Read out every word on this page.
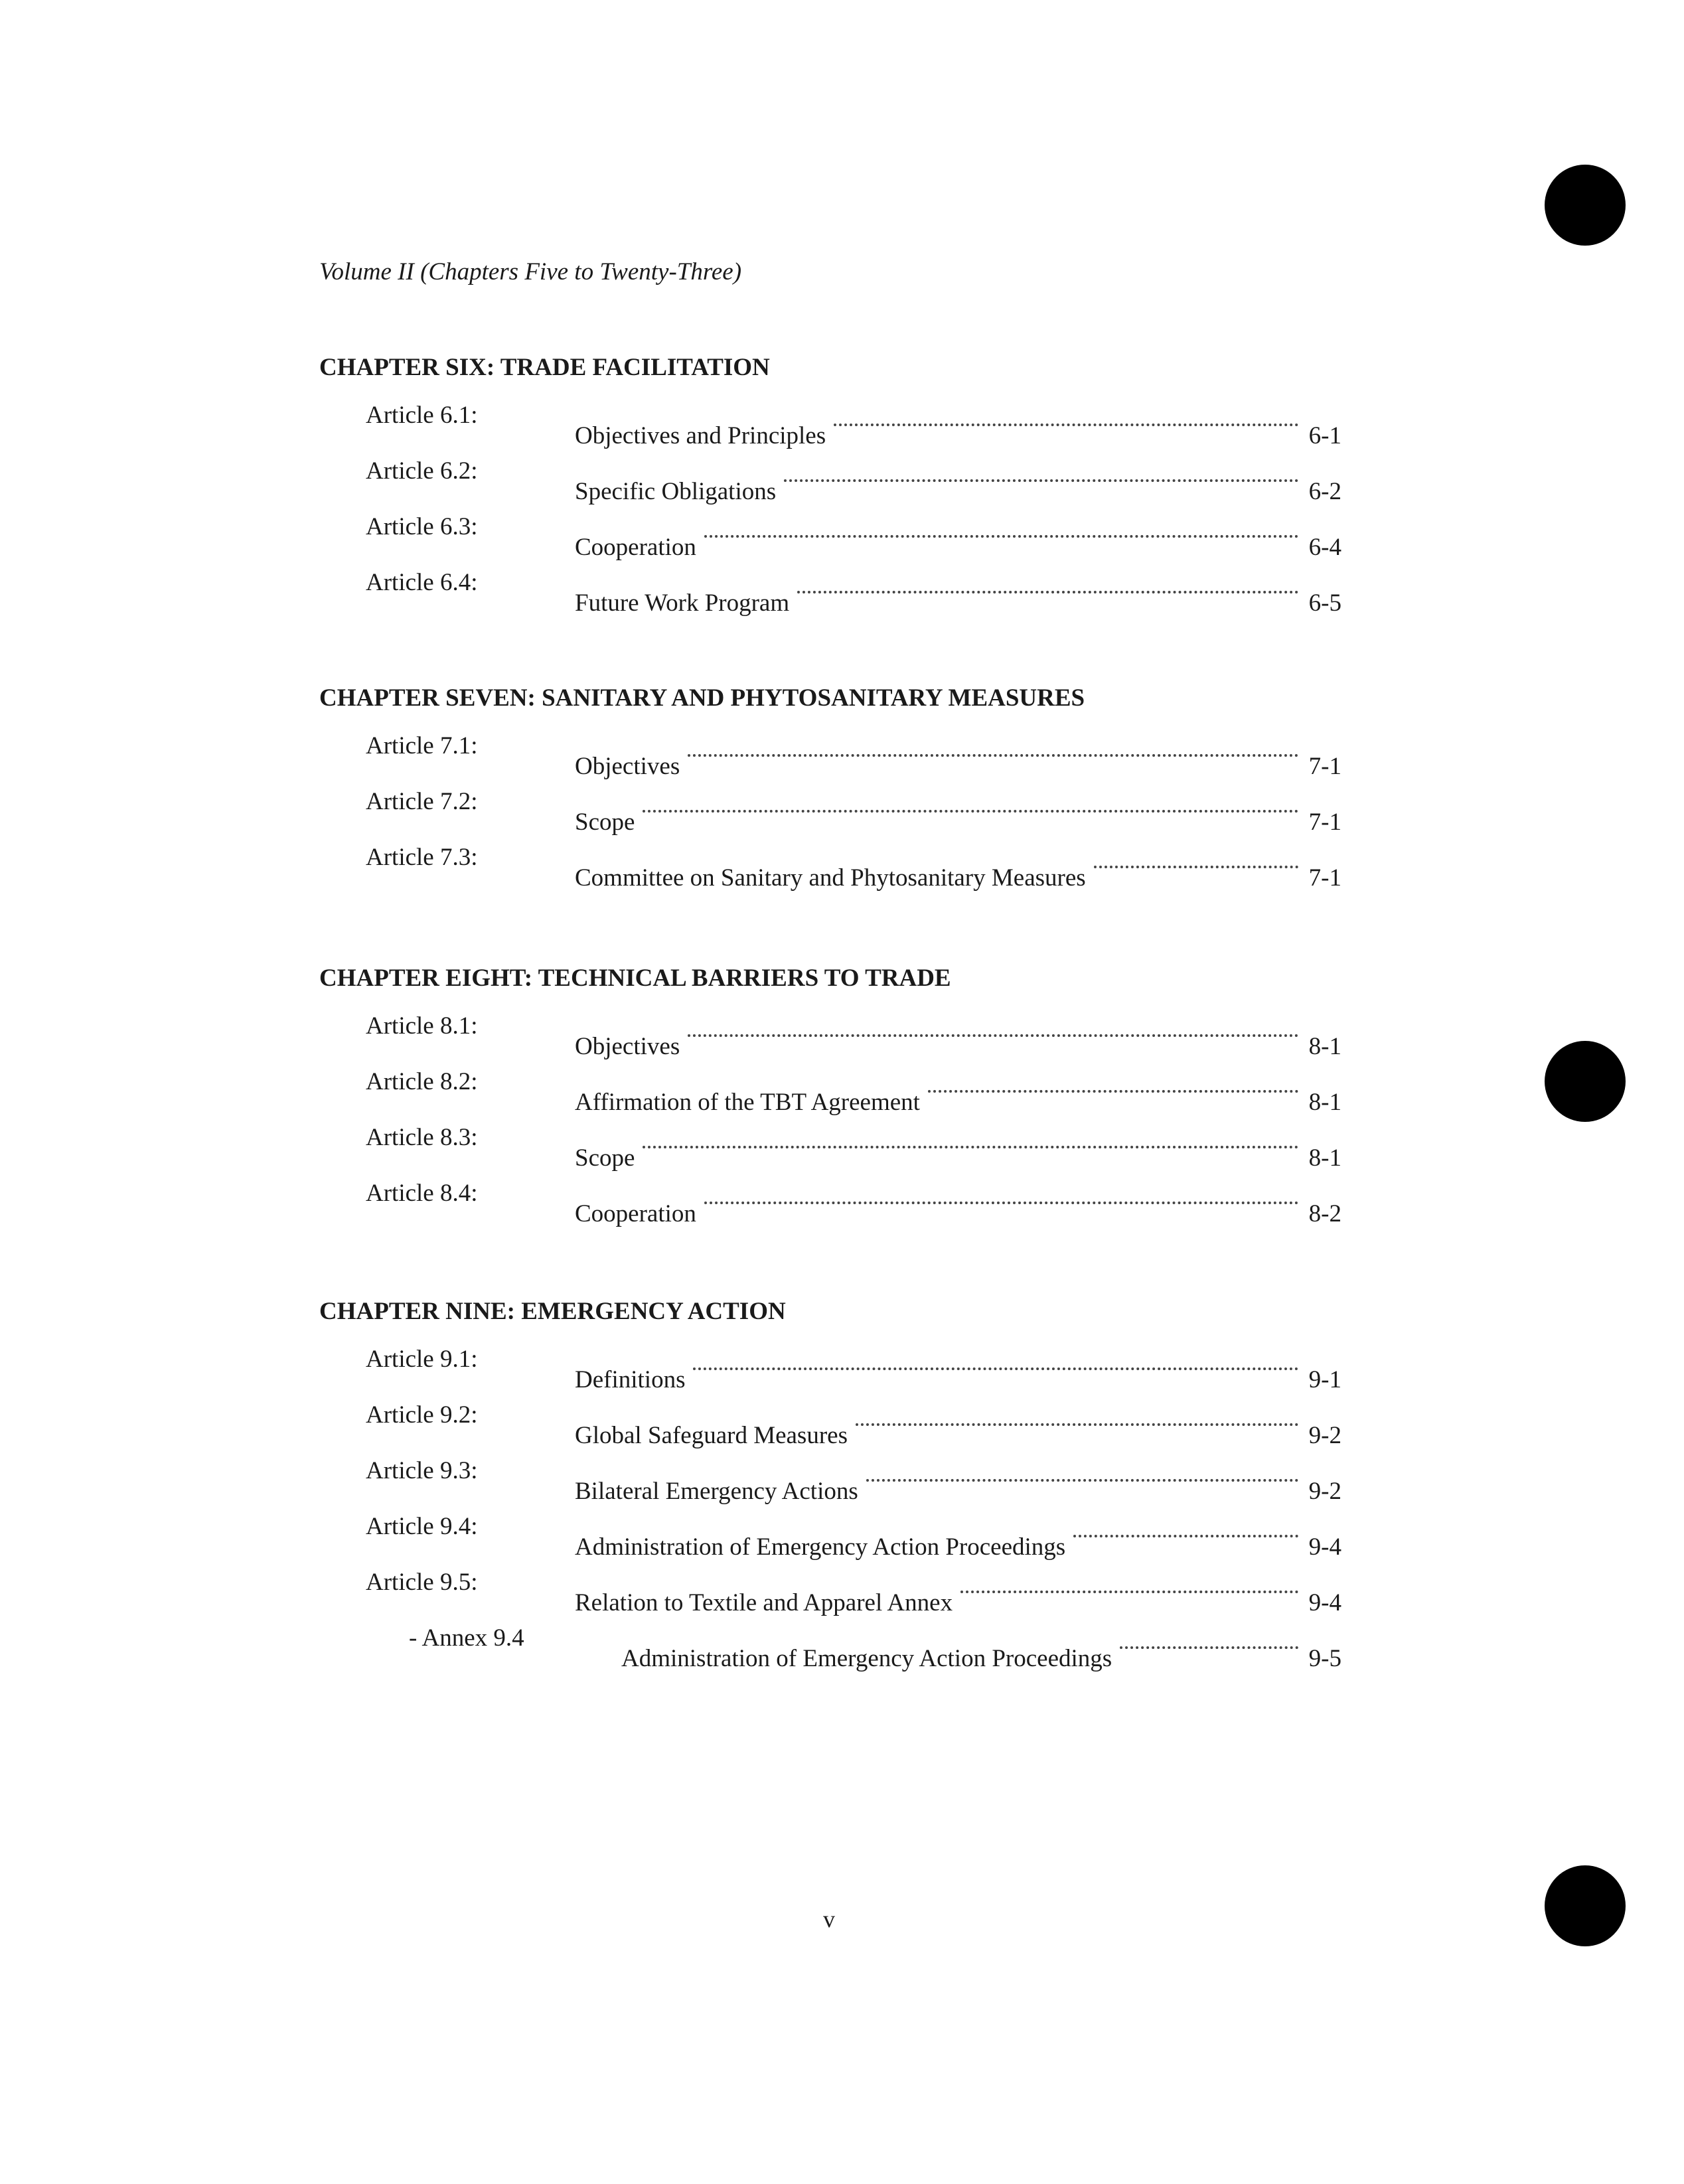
Volume II (Chapters Five to Twenty-Three)
CHAPTER SIX: TRADE FACILITATION
Article 6.1:
Objectives and Principles	6-1
Article 6.2:
Specific Obligations	6-2
Article 6.3:
Cooperation	6-4
Article 6.4:
Future Work Program	6-5
CHAPTER SEVEN: SANITARY AND PHYTOSANITARY MEASURES
Article 7.1:
Objectives	7-1
Article 7.2:
Scope	7-1
Article 7.3:
Committee on Sanitary and Phytosanitary Measures	7-1
CHAPTER EIGHT: TECHNICAL BARRIERS TO TRADE
Article 8.1:
Objectives	8-1
Article 8.2:
Affirmation of the TBT Agreement	8-1
Article 8.3:
Scope	8-1
Article 8.4:
Cooperation	8-2
CHAPTER NINE: EMERGENCY ACTION
Article 9.1:
Definitions	9-1
Article 9.2:
Global Safeguard Measures	9-2
Article 9.3:
Bilateral Emergency Actions	9-2
Article 9.4:
Administration of Emergency Action Proceedings	9-4
Article 9.5:
Relation to Textile and Apparel Annex	9-4
- Annex 9.4
Administration of Emergency Action Proceedings	9-5
v
